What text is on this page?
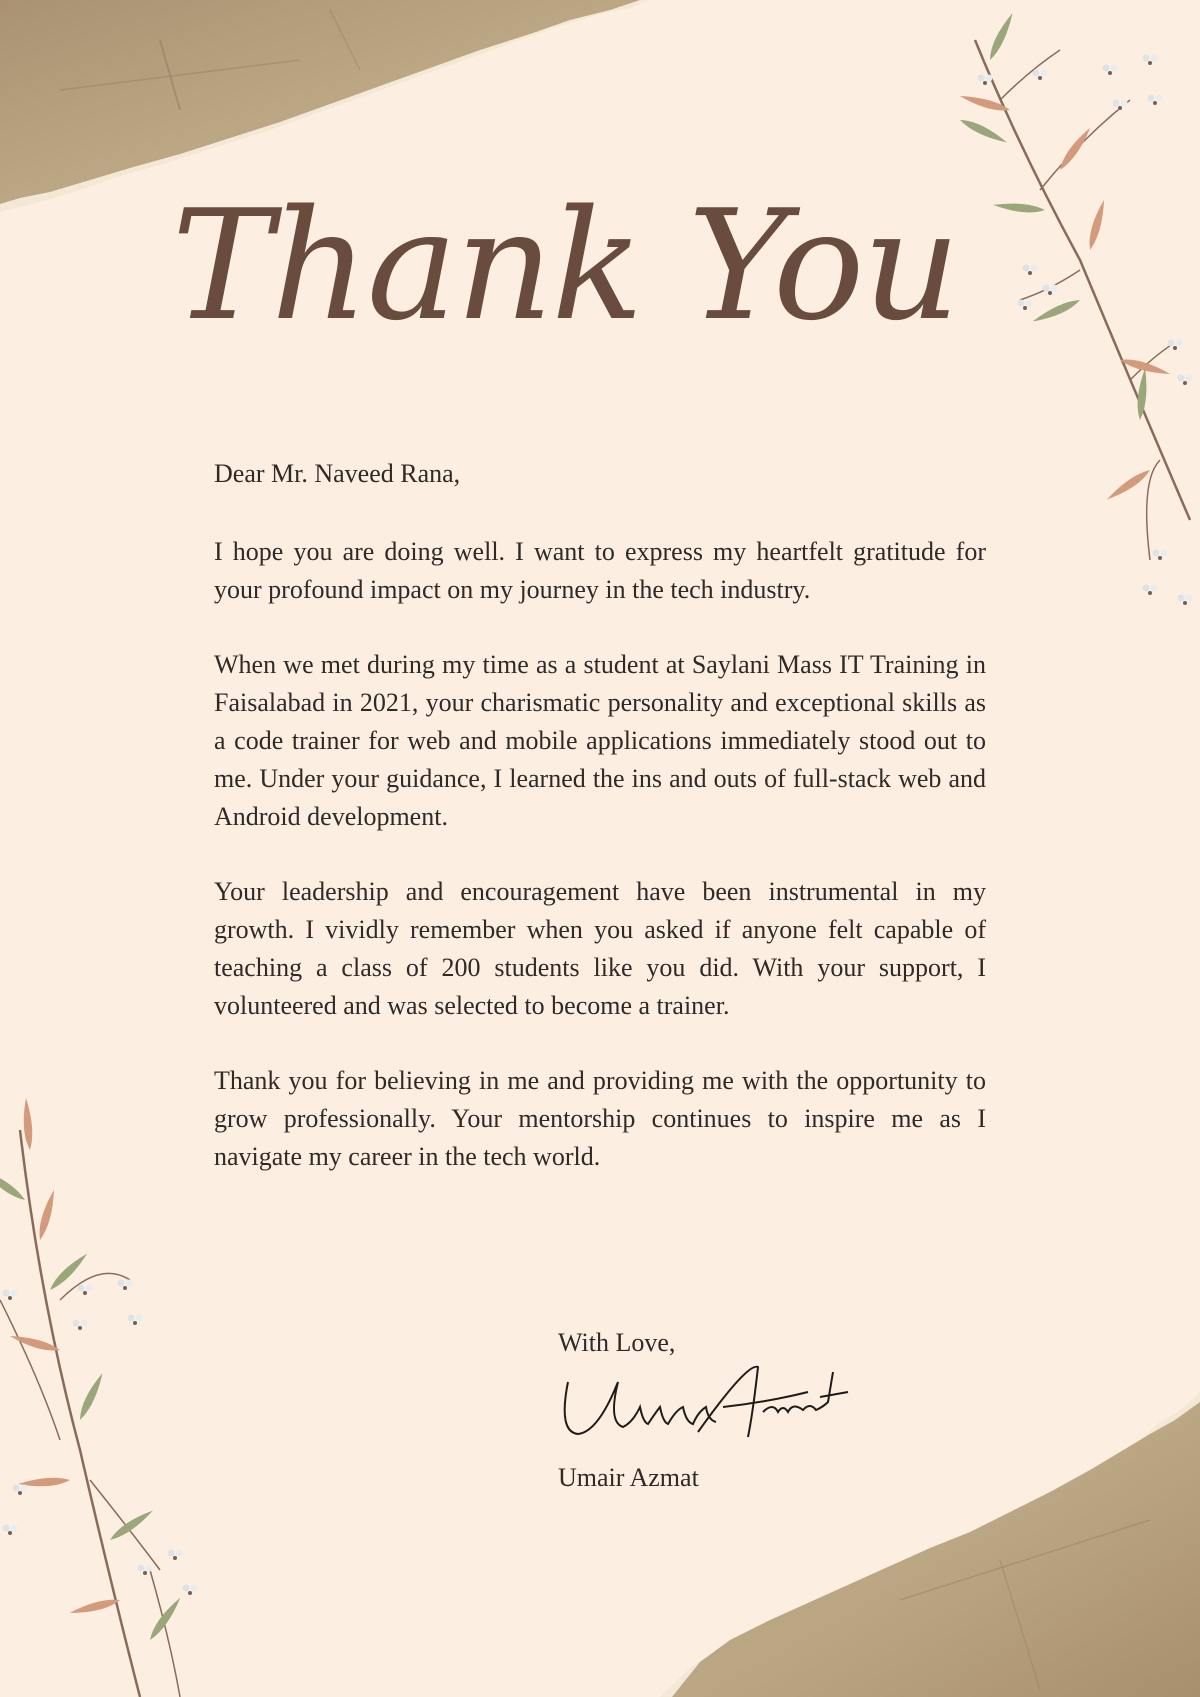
Thank You

Dear Mr. Naveed Rana,

I hope you are doing well. I want to express my heartfelt gratitude for your profound impact on my journey in the tech industry.

When we met during my time as a student at Saylani Mass IT Training in Faisalabad in 2021, your charismatic personality and exceptional skills as a code trainer for web and mobile applications immediately stood out to me. Under your guidance, I learned the ins and outs of full-stack web and Android development.

Your leadership and encouragement have been instrumental in my growth. I vividly remember when you asked if anyone felt capable of teaching a class of 200 students like you did. With your support, I volunteered and was selected to become a trainer.

Thank you for believing in me and providing me with the opportunity to grow professionally. Your mentorship continues to inspire me as I navigate my career in the tech world.

With Love,
Umair Azmat
